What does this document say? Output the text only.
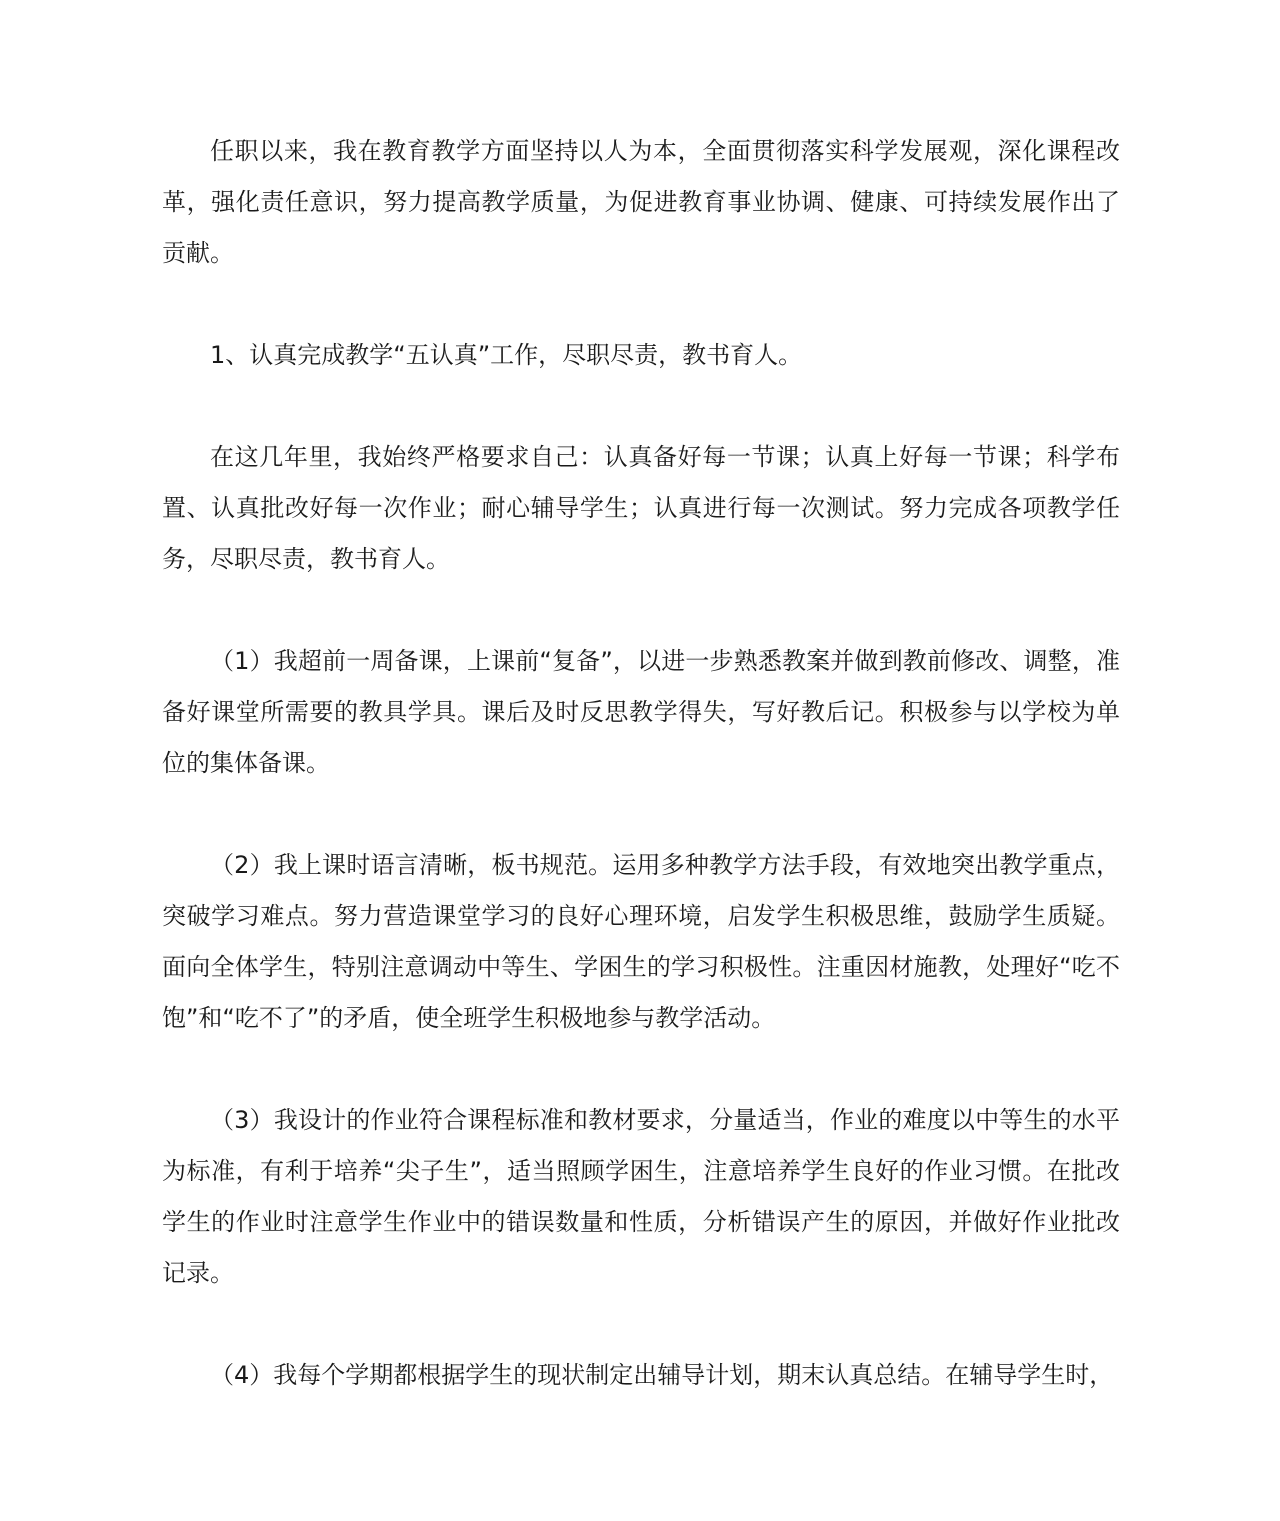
任职以来，我在教育教学方面坚持以人为本，全面贯彻落实科学发展观，深化课程改革，强化责任意识，努力提高教学质量，为促进教育事业协调、健康、可持续发展作出了贡献。

1、认真完成教学“五认真”工作，尽职尽责，教书育人。

在这几年里，我始终严格要求自己：认真备好每一节课；认真上好每一节课；科学布置、认真批改好每一次作业；耐心辅导学生；认真进行每一次测试。努力完成各项教学任务，尽职尽责，教书育人。

（1）我超前一周备课，上课前“复备”，以进一步熟悉教案并做到教前修改、调整，准备好课堂所需要的教具学具。课后及时反思教学得失，写好教后记。积极参与以学校为单位的集体备课。

（2）我上课时语言清晰，板书规范。运用多种教学方法手段，有效地突出教学重点，突破学习难点。努力营造课堂学习的良好心理环境，启发学生积极思维，鼓励学生质疑。面向全体学生，特别注意调动中等生、学困生的学习积极性。注重因材施教，处理好“吃不饱”和“吃不了”的矛盾，使全班学生积极地参与教学活动。

（3）我设计的作业符合课程标准和教材要求，分量适当，作业的难度以中等生的水平为标准，有利于培养“尖子生”，适当照顾学困生，注意培养学生良好的作业习惯。在批改学生的作业时注意学生作业中的错误数量和性质，分析错误产生的原因，并做好作业批改记录。

（4）我每个学期都根据学生的现状制定出辅导计划，期末认真总结。在辅导学生时，
